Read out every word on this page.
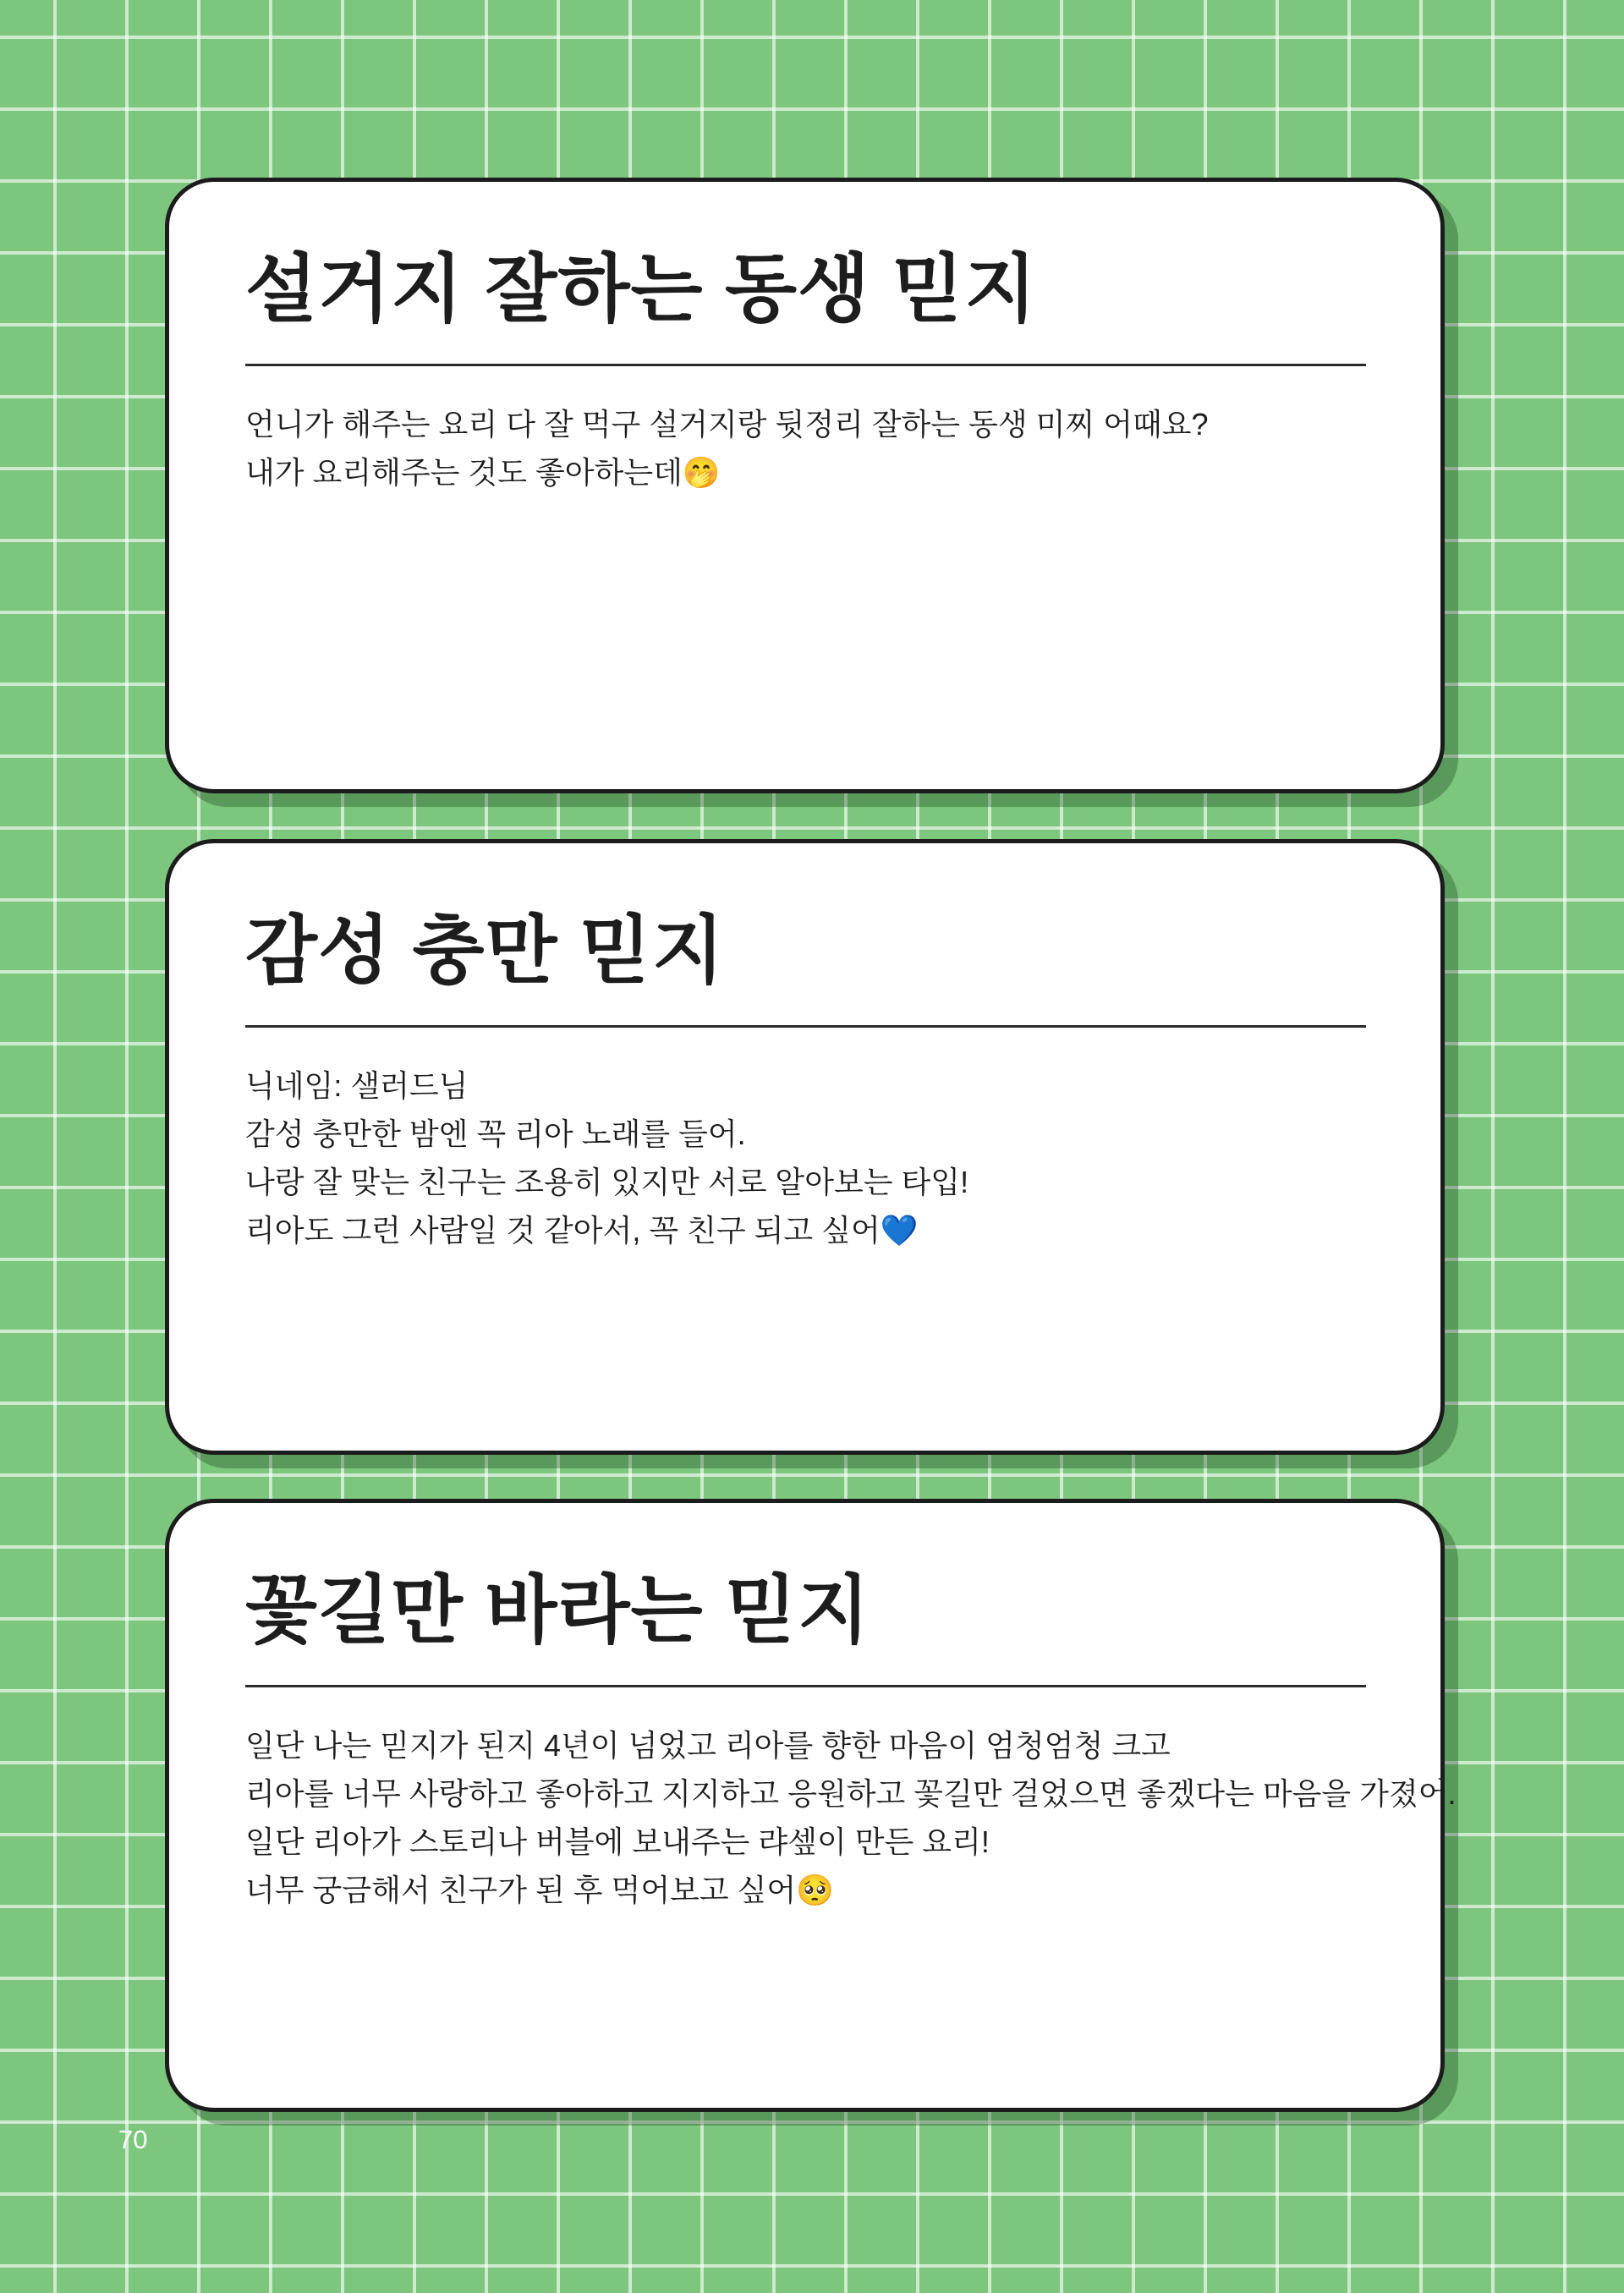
설거지 잘하는 동생 믿지

언니가 해주는 요리 다 잘 먹구 설거지랑 뒷정리 잘하는 동생 미찌 어때요?

내가 요리해주는 것도 좋아하는데🤭

감성 충만 믿지

닉네임: 샐러드님

감성 충만한 밤엔 꼭 리아 노래를 들어.

나랑 잘 맞는 친구는 조용히 있지만 서로 알아보는 타입!

리아도 그런 사람일 것 같아서, 꼭 친구 되고 싶어💙

꽃길만 바라는 믿지

일단 나는 믿지가 된지 4년이 넘었고 리아를 향한 마음이 엄청엄청 크고

리아를 너무 사랑하고 좋아하고 지지하고 응원하고 꽃길만 걸었으면 좋겠다는 마음을 가졌어.

일단 리아가 스토리나 버블에 보내주는 랴셒이 만든 요리!

너무 궁금해서 친구가 된 후 먹어보고 싶어🥺

70
